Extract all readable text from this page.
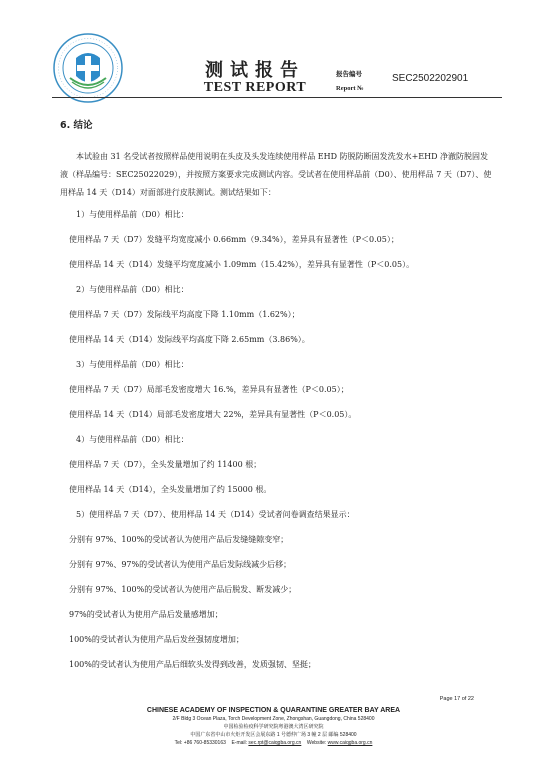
测试报告
TEST REPORT
报告编号
Report №
SEC2502202901

6. 结论

本试验由 31 名受试者按照样品使用说明在头皮及头发连续使用样品 EHD 防脱防断固发洗发水+EHD 净澈防脱固发液（样品编号：SEC25022029），并按照方案要求完成测试内容。受试者在使用样品前（D0）、使用样品 7 天（D7）、使用样品 14 天（D14）对面部进行皮肤测试。测试结果如下：

1）与使用样品前（D0）相比：

使用样品 7 天（D7）发缝平均宽度减小 0.66mm（9.34%），差异具有显著性（P＜0.05）；

使用样品 14 天（D14）发缝平均宽度减小 1.09mm（15.42%），差异具有显著性（P＜0.05）。

2）与使用样品前（D0）相比：

使用样品 7 天（D7）发际线平均高度下降 1.10mm（1.62%）；

使用样品 14 天（D14）发际线平均高度下降 2.65mm（3.86%）。

3）与使用样品前（D0）相比：

使用样品 7 天（D7）局部毛发密度增大 16.%，差异具有显著性（P＜0.05）；

使用样品 14 天（D14）局部毛发密度增大 22%，差异具有显著性（P＜0.05）。

4）与使用样品前（D0）相比：

使用样品 7 天（D7），全头发量增加了约 11400 根；

使用样品 14 天（D14），全头发量增加了约 15000 根。

5）使用样品 7 天（D7）、使用样品 14 天（D14）受试者问卷调查结果显示：

分别有 97%、100%的受试者认为使用产品后发缝缝隙变窄；

分别有 97%、97%的受试者认为使用产品后发际线减少后移；

分别有 97%、100%的受试者认为使用产品后脱发、断发减少；

97%的受试者认为使用产品后发量感增加；

100%的受试者认为使用产品后发丝强韧度增加；

100%的受试者认为使用产品后细软头发得到改善，发质强韧、坚挺；

Page 17 of 22
CHINESE ACADEMY OF INSPECTION & QUARANTINE GREATER BAY AREA
2/F Bldg 3 Ocean Plaza, Torch Development Zone, Zhongshan, Guangdong, China 528400
中国检验检疫科学研究院粤港澳大湾区研究院
中国广东省中山市火炬开发区会展东路 1 号德仲广场 3 幢 2 层 邮编 528400
Tel: +86 760-85330163 E-mail: sec.rpt@caiqgba.org.cn Website: www.caiqgba.org.cn
